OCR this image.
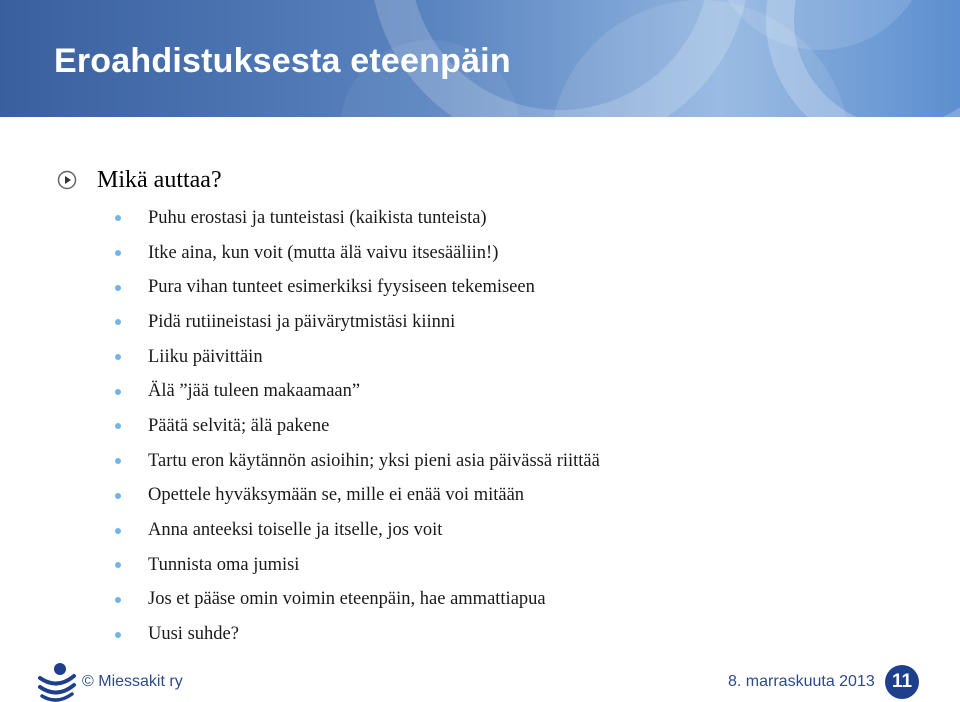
Eroahdistuksesta eteenpäin
Mikä auttaa?
Puhu erostasi ja tunteistasi (kaikista tunteista)
Itke aina, kun voit (mutta älä vaivu itsesääliin!)
Pura vihan tunteet esimerkiksi fyysiseen tekemiseen
Pidä rutiineistasi ja päivärytmistäsi kiinni
Liiku päivittäin
Älä ”jää tuleen makaamaan”
Päätä selvitä; älä pakene
Tartu eron käytännön asioihin; yksi pieni asia päivässä riittää
Opettele hyväksymään se, mille ei enää voi mitään
Anna anteeksi toiselle ja itselle, jos voit
Tunnista oma jumisi
Jos et pääse omin voimin eteenpäin, hae ammattiapua
Uusi suhde?
© Miessakit ry	8. marraskuuta 2013 11
